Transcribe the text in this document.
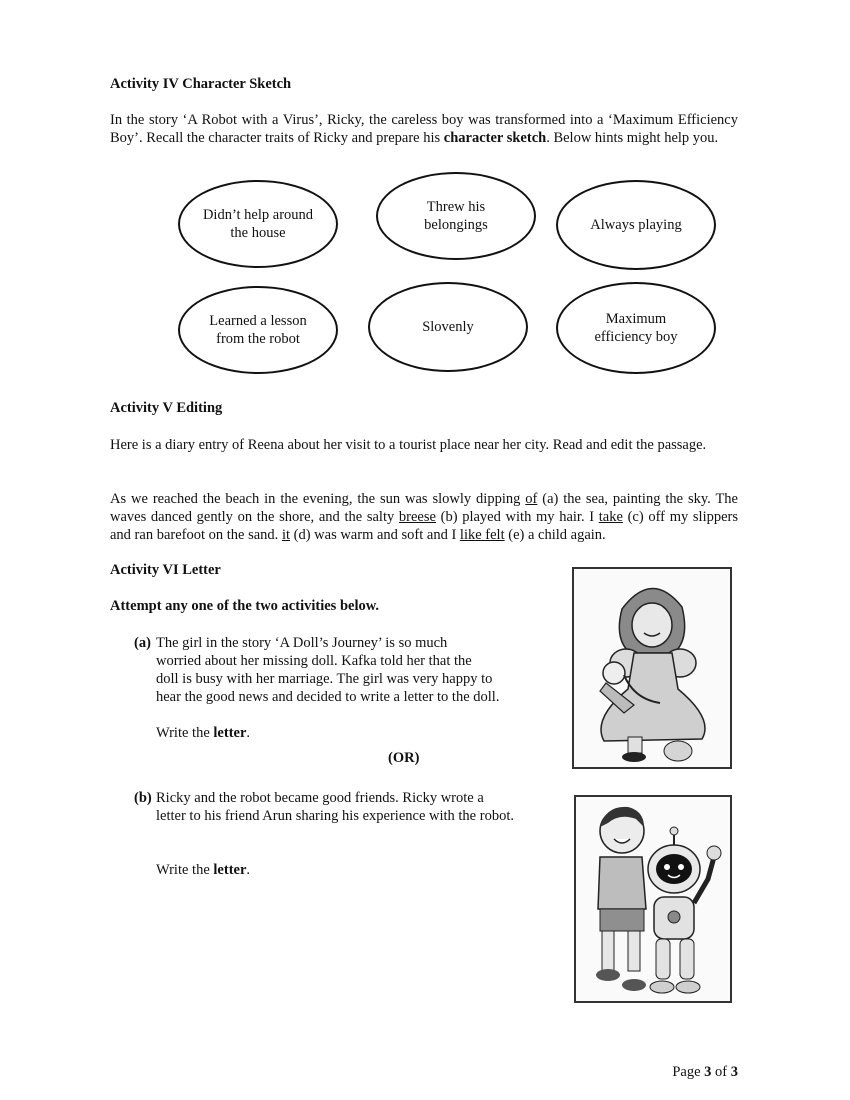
Activity IV Character Sketch
In the story ‘A Robot with a Virus’, Ricky, the careless boy was transformed into a ‘Maximum Efficiency Boy’. Recall the character traits of Ricky and prepare his character sketch. Below hints might help you.
Didn’t help around the house
Threw his belongings	Always playing
Learned a lesson from the robot
Slovenly	Maximum efficiency boy
Activity V Editing
Here is a diary entry of Reena about her visit to a tourist place near her city. Read and edit the passage.
As we reached the beach in the evening, the sun was slowly dipping of (a) the sea, painting the sky. The waves danced gently on the shore, and the salty breese (b) played with my hair. I take (c) off my slippers and ran barefoot on the sand. it (d) was warm and soft and I like felt (e) a child again.
Activity VI Letter
Attempt any one of the two activities below.
(a) The girl in the story ‘A Doll’s Journey’ is so much
worried about her missing doll. Kafka told her that the
doll is busy with her marriage. The girl was very happy to
hear the good news and decided to write a letter to the doll.
Write the letter.
(OR)
(b) Ricky and the robot became good friends. Ricky wrote a
letter to his friend Arun sharing his experience with the robot.
Write the letter.
Page 3 of 3
